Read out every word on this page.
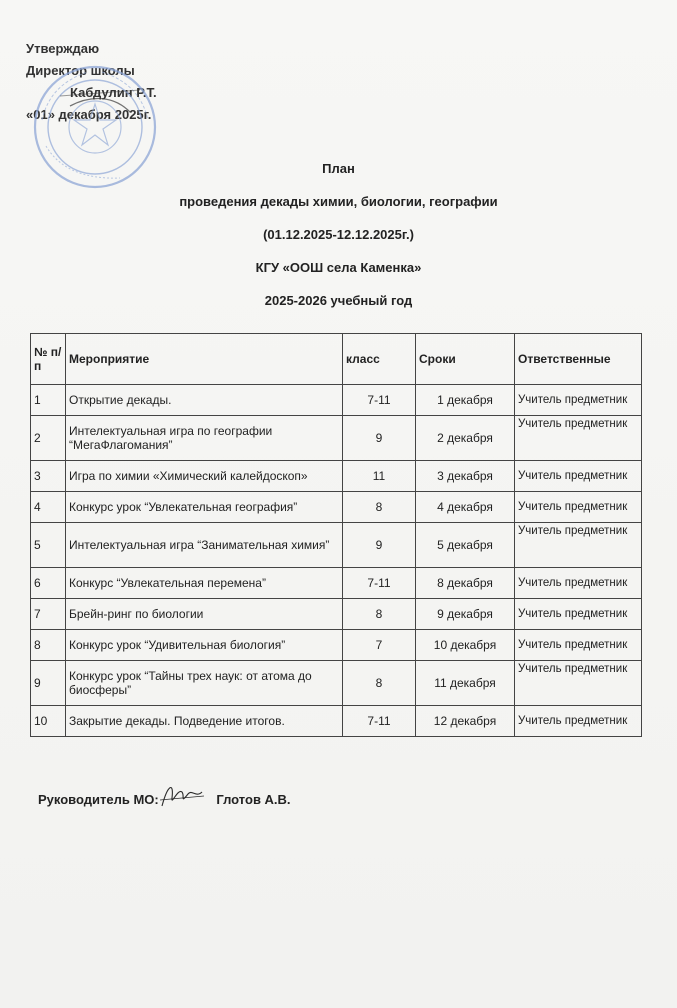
Утверждаю
Директор школы
Кабдулин Р.Т.
«01» декабря 2025г.
План
проведения декады химии, биологии, географии
(01.12.2025-12.12.2025г.)
КГУ «ООШ села Каменка»
2025-2026 учебный год
№ п/п	Мероприятие	класс	Сроки	Ответственные
1	Открытие декады.	7-11	1 декабря	Учитель предметник
2	Интелектуальная игра по географии “МегаФлагомания”	9	2 декабря	Учитель предметник
3	Игра по химии «Химический калейдоскоп»	11	3 декабря	Учитель предметник
4	Конкурс урок “Увлекательная география”	8	4 декабря	Учитель предметник
5	Интелектуальная игра “Занимательная химия”	9	5 декабря	Учитель предметник
6	Конкурс “Увлекательная перемена”	7-11	8 декабря	Учитель предметник
7	Брейн-ринг по биологии	8	9 декабря	Учитель предметник
8	Конкурс урок “Удивительная биология”	7	10 декабря	Учитель предметник
9	Конкурс урок “Тайны трех наук: от атома до биосферы”	8	11 декабря	Учитель предметник
10	Закрытие декады. Подведение итогов.	7-11	12 декабря	Учитель предметник
Руководитель МО:	Глотов А.В.
